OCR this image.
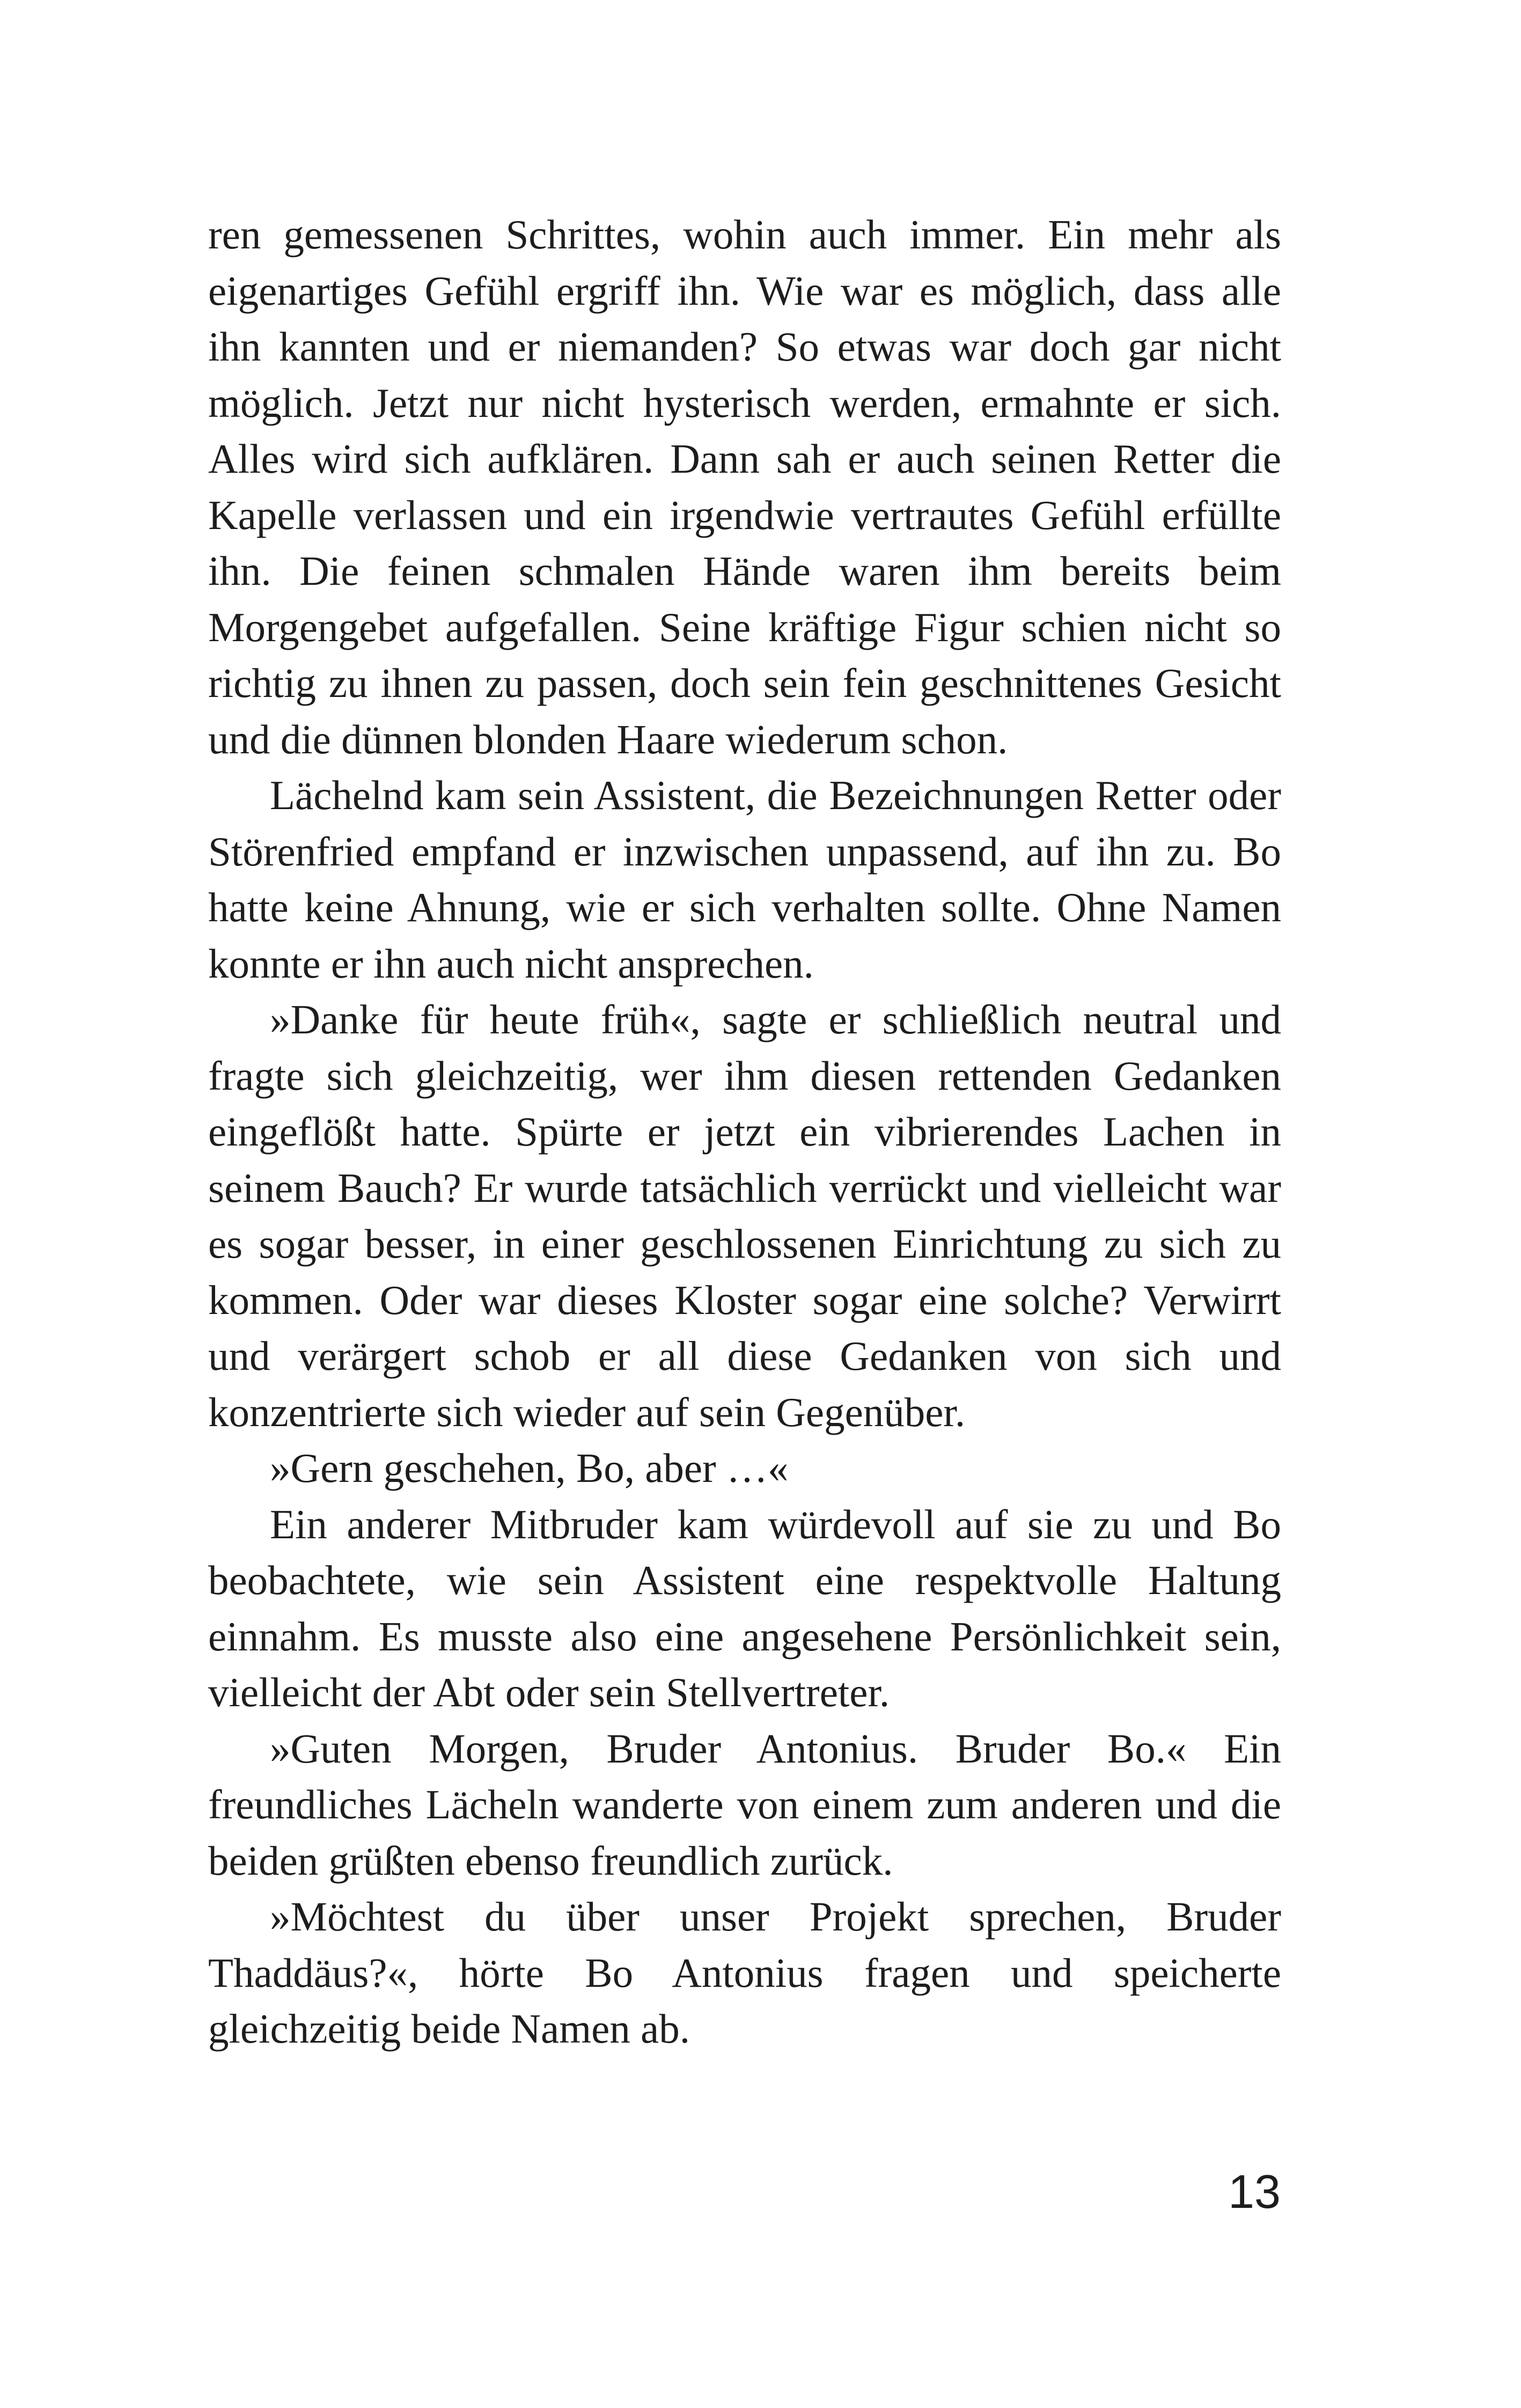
ren gemessenen Schrittes, wohin auch immer. Ein mehr als eigenartiges Gefühl ergriff ihn. Wie war es möglich, dass alle ihn kannten und er niemanden? So etwas war doch gar nicht möglich. Jetzt nur nicht hysterisch werden, ermahnte er sich. Alles wird sich aufklären. Dann sah er auch seinen Retter die Kapelle verlassen und ein irgendwie vertrautes Gefühl erfüllte ihn. Die feinen schmalen Hände waren ihm bereits beim Morgengebet aufgefallen. Seine kräftige Figur schien nicht so richtig zu ihnen zu passen, doch sein fein geschnittenes Gesicht und die dünnen blonden Haare wiederum schon.

Lächelnd kam sein Assistent, die Bezeichnungen Retter oder Störenfried empfand er inzwischen unpassend, auf ihn zu. Bo hatte keine Ahnung, wie er sich verhalten sollte. Ohne Namen konnte er ihn auch nicht ansprechen.

»Danke für heute früh«, sagte er schließlich neutral und fragte sich gleichzeitig, wer ihm diesen rettenden Gedanken eingeflößt hatte. Spürte er jetzt ein vibrierendes Lachen in seinem Bauch? Er wurde tatsächlich verrückt und vielleicht war es sogar besser, in einer geschlossenen Einrichtung zu sich zu kommen. Oder war dieses Kloster sogar eine solche? Verwirrt und verärgert schob er all diese Gedanken von sich und konzentrierte sich wieder auf sein Gegenüber.

»Gern geschehen, Bo, aber …«

Ein anderer Mitbruder kam würdevoll auf sie zu und Bo beobachtete, wie sein Assistent eine respektvolle Haltung einnahm. Es musste also eine angesehene Persönlichkeit sein, vielleicht der Abt oder sein Stellvertreter.

»Guten Morgen, Bruder Antonius. Bruder Bo.« Ein freundliches Lächeln wanderte von einem zum anderen und die beiden grüßten ebenso freundlich zurück.

»Möchtest du über unser Projekt sprechen, Bruder Thaddäus?«, hörte Bo Antonius fragen und speicherte gleichzeitig beide Namen ab.

13
